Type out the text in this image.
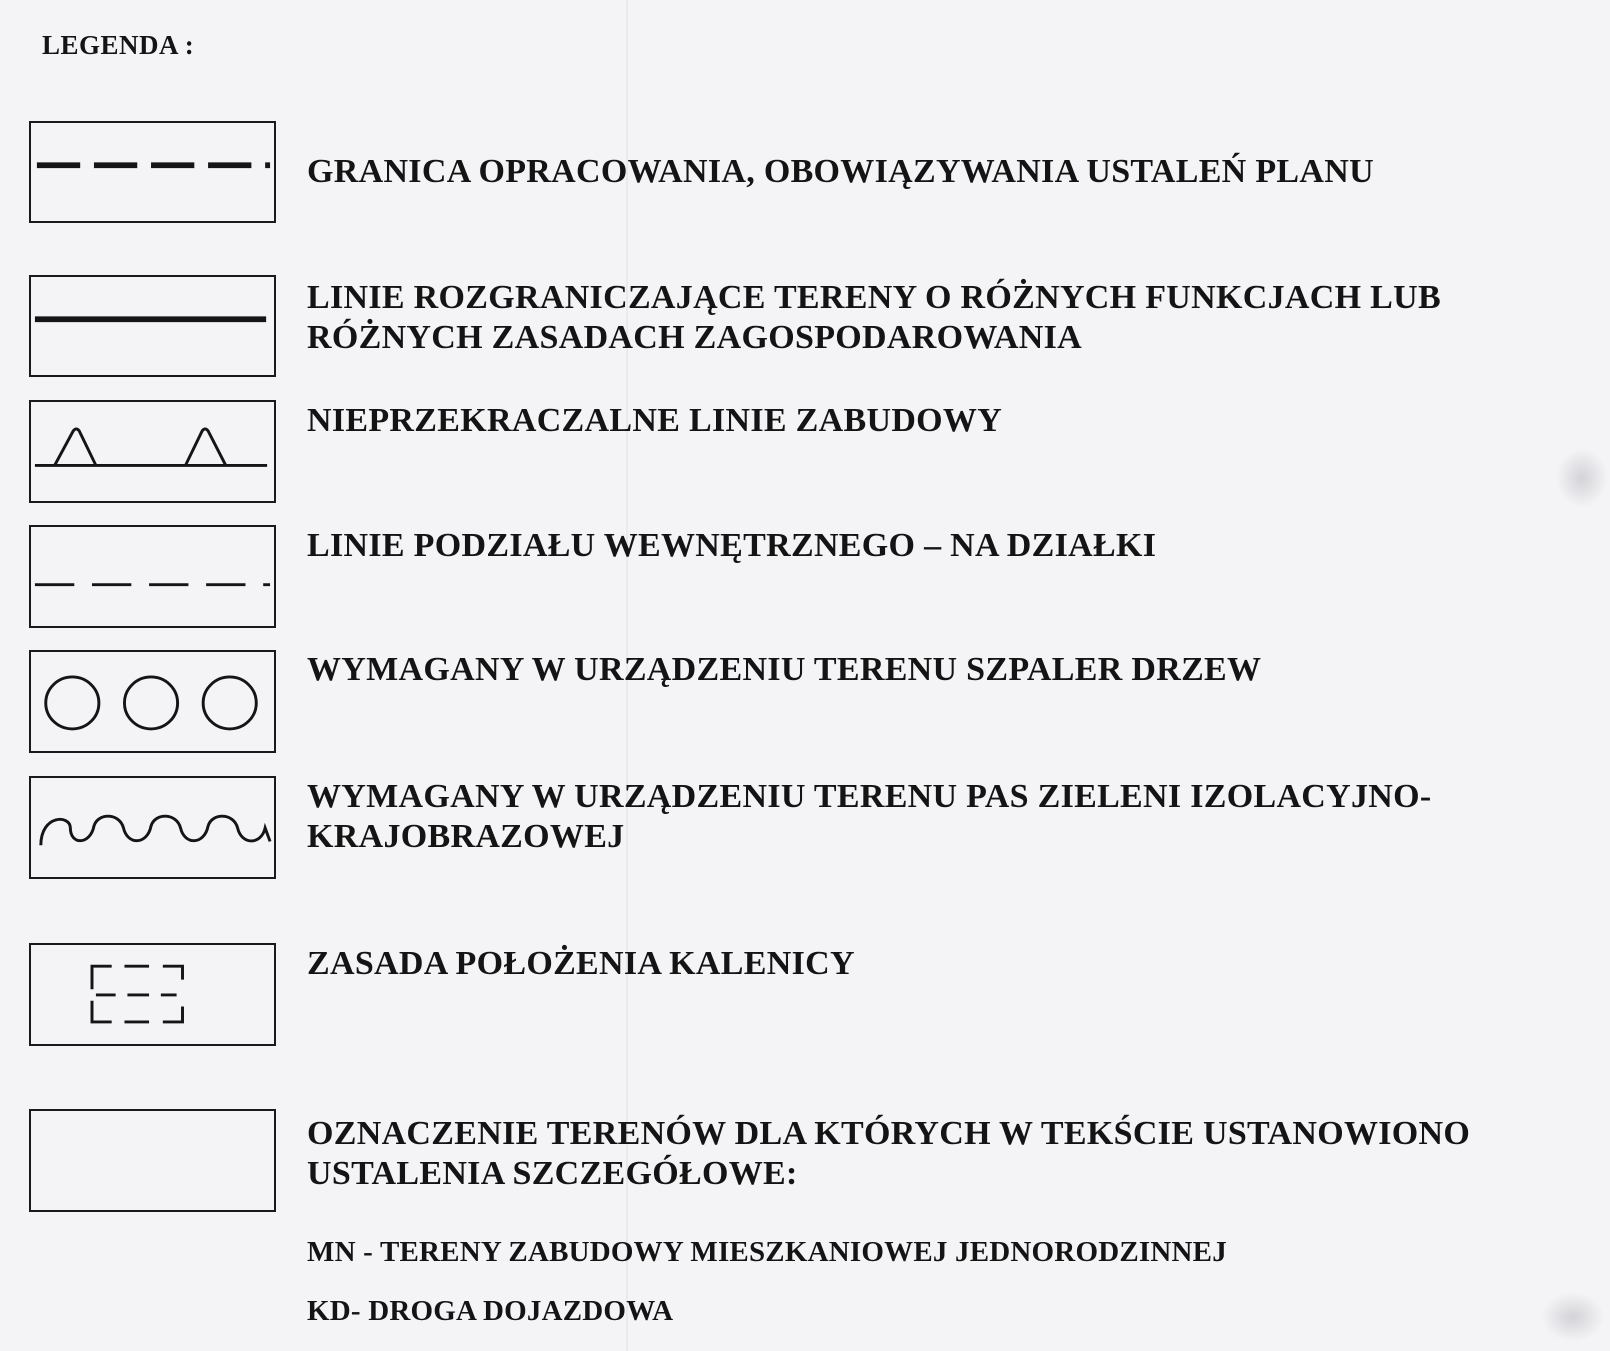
LEGENDA :
GRANICA OPRACOWANIA, OBOWIĄZYWANIA USTALEŃ PLANU
LINIE ROZGRANICZAJĄCE TERENY O RÓŻNYCH FUNKCJACH LUB
RÓŻNYCH ZASADACH ZAGOSPODAROWANIA
NIEPRZEKRACZALNE LINIE ZABUDOWY
LINIE PODZIAŁU WEWNĘTRZNEGO – NA DZIAŁKI
WYMAGANY W URZĄDZENIU TERENU SZPALER DRZEW
WYMAGANY W URZĄDZENIU TERENU PAS ZIELENI IZOLACYJNO-
KRAJOBRAZOWEJ
ZASADA POŁOŻENIA KALENICY
OZNACZENIE TERENÓW DLA KTÓRYCH W TEKŚCIE USTANOWIONO
USTALENIA SZCZEGÓŁOWE:
MN - TERENY ZABUDOWY MIESZKANIOWEJ JEDNORODZINNEJ
KD- DROGA DOJAZDOWA
